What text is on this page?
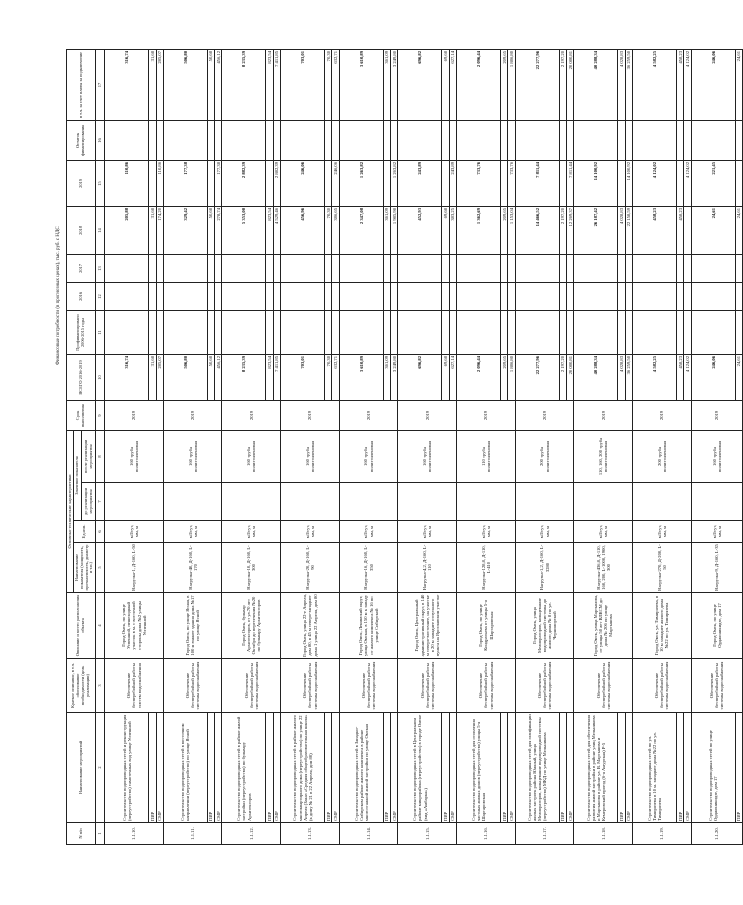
Финансовые потребности (в прогнозных ценах), тыс. руб. с НДС
N п/п	Наименование мероприятий	Краткое описание, в т.ч. обоснование необходимости (цель реализации)	Описание и место расположения объекта	Основные технические характеристики				Срок выполнения	ВСЕГО 2016-2019	Профинансировано 2006-2015 годы	2016	2017	2018	2019	Остаток финансирования	в т.ч. за счет платы за подключение
				Наименование показателя (мощность, протяженность, диаметр и т.п.)	Ед.изм.	Значение показателя										
						до реализации мероприятия	после реализации мероприятия									
1	2	3	4	5	6	7	8	9	10	11	12	13	14	15	16	17
1.1.10.	Строительство водопроводных сетей и реконструкция (переустройство) самотечных вод улице Успешной	Обеспечение бесперебойной работы систем водоснабжения	Город Омск, по улице Успешной, пешеходный участок в м. с восточной стороны дома №2 улицы Успешной	Нагрузка-1, Д-160, L-50	м3/сут, мм, м		160 труба полиэтиленовая	2019	316,74				205,88	110,86		316,74
	ПИР								31,68				31,68			31,68
	СМР								285,07				174,20	110,86		285,07
1.1.11.	Строительство водопроводных сетей в восточном направлении (переустройство) по улице Ясной	Обеспечение бесперебойной работы системы водоснабжения	Город Омск, по улице Ясная, в 100 м южнее здания дома №17 по улице Ясной	Нагрузка-40, Д-160, L-170	м3/сут, мм, м		160 труба полиэтиленовая	2019	506,80				329,42	177,38		506,80
	ПИР								50,68				50,68			50,68
	СМР								456,12				278,74	177,38		456,12
1.1.12.	Строительство водопроводных сетей в районе жилой застройки (переустройство) по бульвару Архитекторов	Обеспечение бесперебойной работы системы водоснабжения	Город Омск, бульвар Архитекторов, от ул.70 лет Октября до пересечения №20 по бульвару Архитекторов	Нагрузка-10, Д-160, L-300	м3/сут, мм, м		160 труба полиэтиленовая	2019	8 235,39				5 353,00	2 882,39		8 235,39
	ПИР								823,54				823,54			823,54
	СМР								7 411,85				4 529,46	2 882,39		7 411,85
1.1.13.	Строительство водопроводных сетей в районе жилого многоквартирного дома (переустройство) по улице 22 Апреля (Заказ «Средняя общеобразовательная школа» (к дому № 21 в 22 Апреля, дом 80)	Обеспечение бесперебойной работы системы водоснабжения	Город Омск, улица 22-е Апреля, дом 80, в 45 м северо-западнее дома 1 улица 22 Апреля, дом 80	Нагрузка-20, Д-160, L-90	м3/сут, мм, м		160 труба полиэтиленовая	2019	703,01				456,96	246,06		703,01
	ПИР								70,30				70,30			70,30
	СМР								632,71				386,65	246,06		632,71
1.1.14.	Строительство водопроводных сетей в Западно-Сибирском районе жилого комплекса в районе многоэтажной жилой застройки по улице Омская	Обеспечение бесперебойной работы системы водоснабжения	Город Омск, Ленинский округ, улица Омская, в 150 м к западу от жилого комплекса № 16 по улице Сибирской	Нагрузка-16, Д-160, L-350	м3/сут, мм, м		160 труба полиэтиленовая	2019	3 610,89				2 347,08	1 263,82		3 610,89
	ПИР								361,09				361,09			361,09
	СМР								3 249,80				1 985,98	1 263,82		3 249,80
1.1.15.	Строительство водопроводных сетей в Центральном районе микрорайона (переустройство) в городе Омске (вид «Амбарка»)	Обеспечение бесперебойной работы системы водоснабжения	Город Омск, Центральный административный округ, в 140 м северо-восточнее, на участке в 20 м западнее отпускного пункта на Ярославском участке	Нагрузка-4,2, Д-160, L-110	м3/сут, мм, м		160 труба полиэтиленовая	2019	696,82				452,93	243,89		696,82
	ПИР								69,68				69,68			69,68
	СМР								627,14				383,25	243,89		627,14
1.1.16.	Строительство водопроводных сетей для отопления частных жилых домов (переустройство) улицы 5-я Шартаровская	Обеспечение бесперебойной работы системы водоснабжения	Город Омск, по улице Кондратьева от улицы 5-я Шартаровская	Нагрузка-128,8, Д-110, L-410	м3/сут, мм, м		110 труба полиэтиленовая	2019	2 096,44				1 362,69	733,76		2 096,44
	ПИР								209,65				209,65			209,65
	СМР								1 886,80				1 153,04	733,76		1 886,80
1.1.17.	Строительство водопроводных сетей для газификации жилых застроек района Южный, улица Мелиораторов, кольцевание водопроводной системы (переустройство) МКД по улице Мельникова	Обеспечение бесперебойной работы системы водоснабжения	Город Омск, улица Мелиораторов, кольцевание водопроводной системы до жилого дома № 8 по ул. Черноморской	Нагрузка-1,2, Д-160, L-3280	м3/сут, мм, м		200 труба полиэтиленовая	2019	22 277,96				14 466,52	7 811,44		22 277,96
	ПИР								2 197,20				2 197,20			2 197,20
	СМР								20 080,81				12 269,37	7 811,44		20 080,81
1.1.18.	Строительство водопроводных сетей для обеспечения развития жилой застройки в районе улиц Мельникова и Мартынова в районе ул. В. Мартынова и Кемеровский проезд (6-я Амурская) Р-5	Обеспечение бесперебойной работы системы водоснабжения	Город Омск, улица Мартынова, от улицы 50 лет ВЛКСМ до дома № 206 по улице Мартынова	Нагрузка-436,8, Д-110, 160, 200, L-1000, 1900, 300	м3/сут, мм, м		110, 160, 200 труба полиэтиленовая	2019	40 288,34				26 187,42	14 100,92		40 288,34
	ПИР								4 028,83				4 028,83			4 028,83
	СМР								36 259,50				22 158,59	14 100,92		36 259,50
1.1.19.	Строительство водопроводных сетей по ул. Тимирязева в 10 м. западнее дома №22 по ул. Тимирязева	Обеспечение бесперебойной работы системы водоснабжения	Город Омск, ул. Тимирязева, в 10 м западнее жилого дома №22 по ул. Тимирязева	Нагрузка-270, Д-200, L-50	м3/сут, мм, м		200 труба полиэтиленовая	2019	4 582,25				458,23	4 124,02		4 582,25
	ПИР								458,23				458,23			458,23
	СМР								4 124,02					4 124,02		4 124,02
1.1.20.	Строительство водопроводных сетей по улице Орджоникидзе, дом 17	Обеспечение бесперебойной работы системы водоснабжения	Город Омск, по улице Орджоникидзе, дом 17	Нагрузка-9, Д-160, L-35	м3/сут, мм, м		160 труба полиэтиленовая	2019	246,06				24,61	221,45		246,06
	ПИР								24,61				24,61			24,61
